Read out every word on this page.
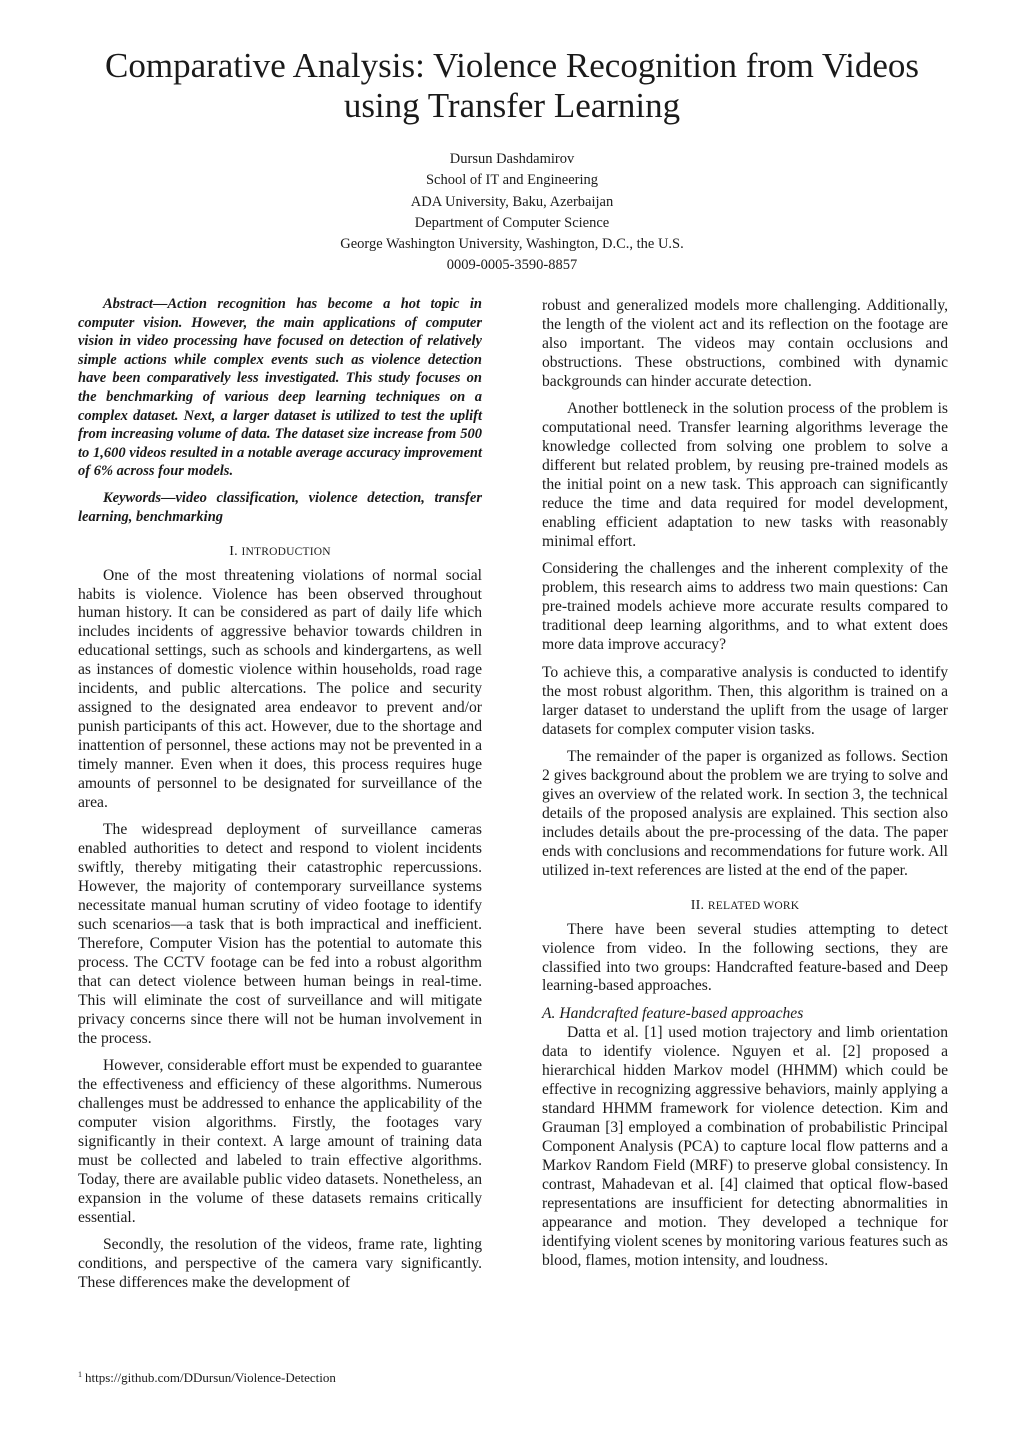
Comparative Analysis: Violence Recognition from Videos
using Transfer Learning
Dursun Dashdamirov
School of IT and Engineering
ADA University, Baku, Azerbaijan
Department of Computer Science
George Washington University, Washington, D.C., the U.S.
0009-0005-3590-8857

Abstract—Action recognition has become a hot topic in computer vision. However, the main applications of computer vision in video processing have focused on detection of relatively simple actions while complex events such as violence detection have been comparatively less investigated. This study focuses on the benchmarking of various deep learning techniques on a complex dataset. Next, a larger dataset is utilized to test the uplift from increasing volume of data. The dataset size increase from 500 to 1,600 videos resulted in a notable average accuracy improvement of 6% across four models.

Keywords—video classification, violence detection, transfer learning, benchmarking

I. INTRODUCTION

One of the most threatening violations of normal social habits is violence. Violence has been observed throughout human history. It can be considered as part of daily life which includes incidents of aggressive behavior towards children in educational settings, such as schools and kindergartens, as well as instances of domestic violence within households, road rage incidents, and public altercations. The police and security assigned to the designated area endeavor to prevent and/or punish participants of this act. However, due to the shortage and inattention of personnel, these actions may not be prevented in a timely manner. Even when it does, this process requires huge amounts of personnel to be designated for surveillance of the area.

The widespread deployment of surveillance cameras enabled authorities to detect and respond to violent incidents swiftly, thereby mitigating their catastrophic repercussions. However, the majority of contemporary surveillance systems necessitate manual human scrutiny of video footage to identify such scenarios—a task that is both impractical and inefficient. Therefore, Computer Vision has the potential to automate this process. The CCTV footage can be fed into a robust algorithm that can detect violence between human beings in real-time. This will eliminate the cost of surveillance and will mitigate privacy concerns since there will not be human involvement in the process.

However, considerable effort must be expended to guarantee the effectiveness and efficiency of these algorithms. Numerous challenges must be addressed to enhance the applicability of the computer vision algorithms. Firstly, the footages vary significantly in their context. A large amount of training data must be collected and labeled to train effective algorithms. Today, there are available public video datasets. Nonetheless, an expansion in the volume of these datasets remains critically essential.

Secondly, the resolution of the videos, frame rate, lighting conditions, and perspective of the camera vary significantly. These differences make the development of

robust and generalized models more challenging. Additionally, the length of the violent act and its reflection on the footage are also important. The videos may contain occlusions and obstructions. These obstructions, combined with dynamic backgrounds can hinder accurate detection.

Another bottleneck in the solution process of the problem is computational need. Transfer learning algorithms leverage the knowledge collected from solving one problem to solve a different but related problem, by reusing pre-trained models as the initial point on a new task. This approach can significantly reduce the time and data required for model development, enabling efficient adaptation to new tasks with reasonably minimal effort.

Considering the challenges and the inherent complexity of the problem, this research aims to address two main questions: Can pre-trained models achieve more accurate results compared to traditional deep learning algorithms, and to what extent does more data improve accuracy?

To achieve this, a comparative analysis is conducted to identify the most robust algorithm. Then, this algorithm is trained on a larger dataset to understand the uplift from the usage of larger datasets for complex computer vision tasks.

The remainder of the paper is organized as follows. Section 2 gives background about the problem we are trying to solve and gives an overview of the related work. In section 3, the technical details of the proposed analysis are explained. This section also includes details about the pre-processing of the data. The paper ends with conclusions and recommendations for future work. All utilized in-text references are listed at the end of the paper.

II. RELATED WORK

There have been several studies attempting to detect violence from video. In the following sections, they are classified into two groups: Handcrafted feature-based and Deep learning-based approaches.

A. Handcrafted feature-based approaches

Datta et al. [1] used motion trajectory and limb orientation data to identify violence. Nguyen et al. [2] proposed a hierarchical hidden Markov model (HHMM) which could be effective in recognizing aggressive behaviors, mainly applying a standard HHMM framework for violence detection. Kim and Grauman [3] employed a combination of probabilistic Principal Component Analysis (PCA) to capture local flow patterns and a Markov Random Field (MRF) to preserve global consistency. In contrast, Mahadevan et al. [4] claimed that optical flow-based representations are insufficient for detecting abnormalities in appearance and motion. They developed a technique for identifying violent scenes by monitoring various features such as blood, flames, motion intensity, and loudness.

$^1$ https://github.com/DDursun/Violence-Detection
